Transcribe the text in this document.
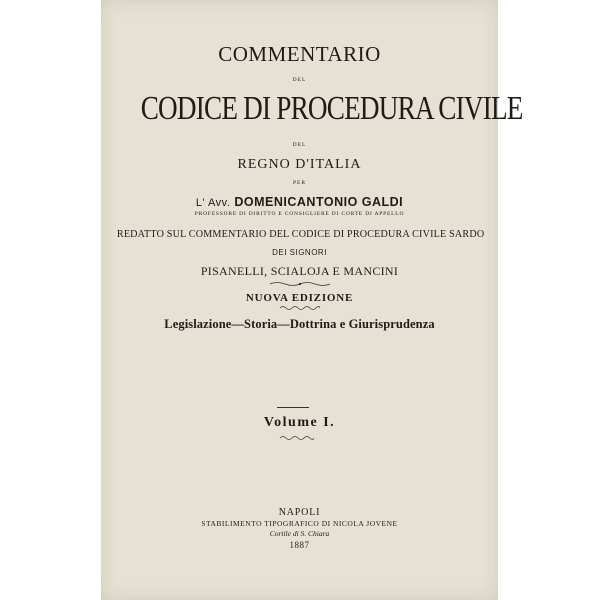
COMMENTARIO
DEL
CODICE DI PROCEDURA CIVILE
DEL
REGNO D'ITALIA
PER
L' Avv. DOMENICANTONIO GALDI
PROFESSORE DI DIRITTO E CONSIGLIERE DI CORTE DI APPELLO
REDATTO SUL COMMENTARIO DEL CODICE DI PROCEDURA CIVILE SARDO
DEI SIGNORI
PISANELLI, SCIALOJA E MANCINI
NUOVA EDIZIONE
Legislazione—Storia—Dottrina e Giurisprudenza
Volume I.
NAPOLI
STABILIMENTO TIPOGRAFICO DI NICOLA JOVENE
Cortile di S. Chiara
1887
